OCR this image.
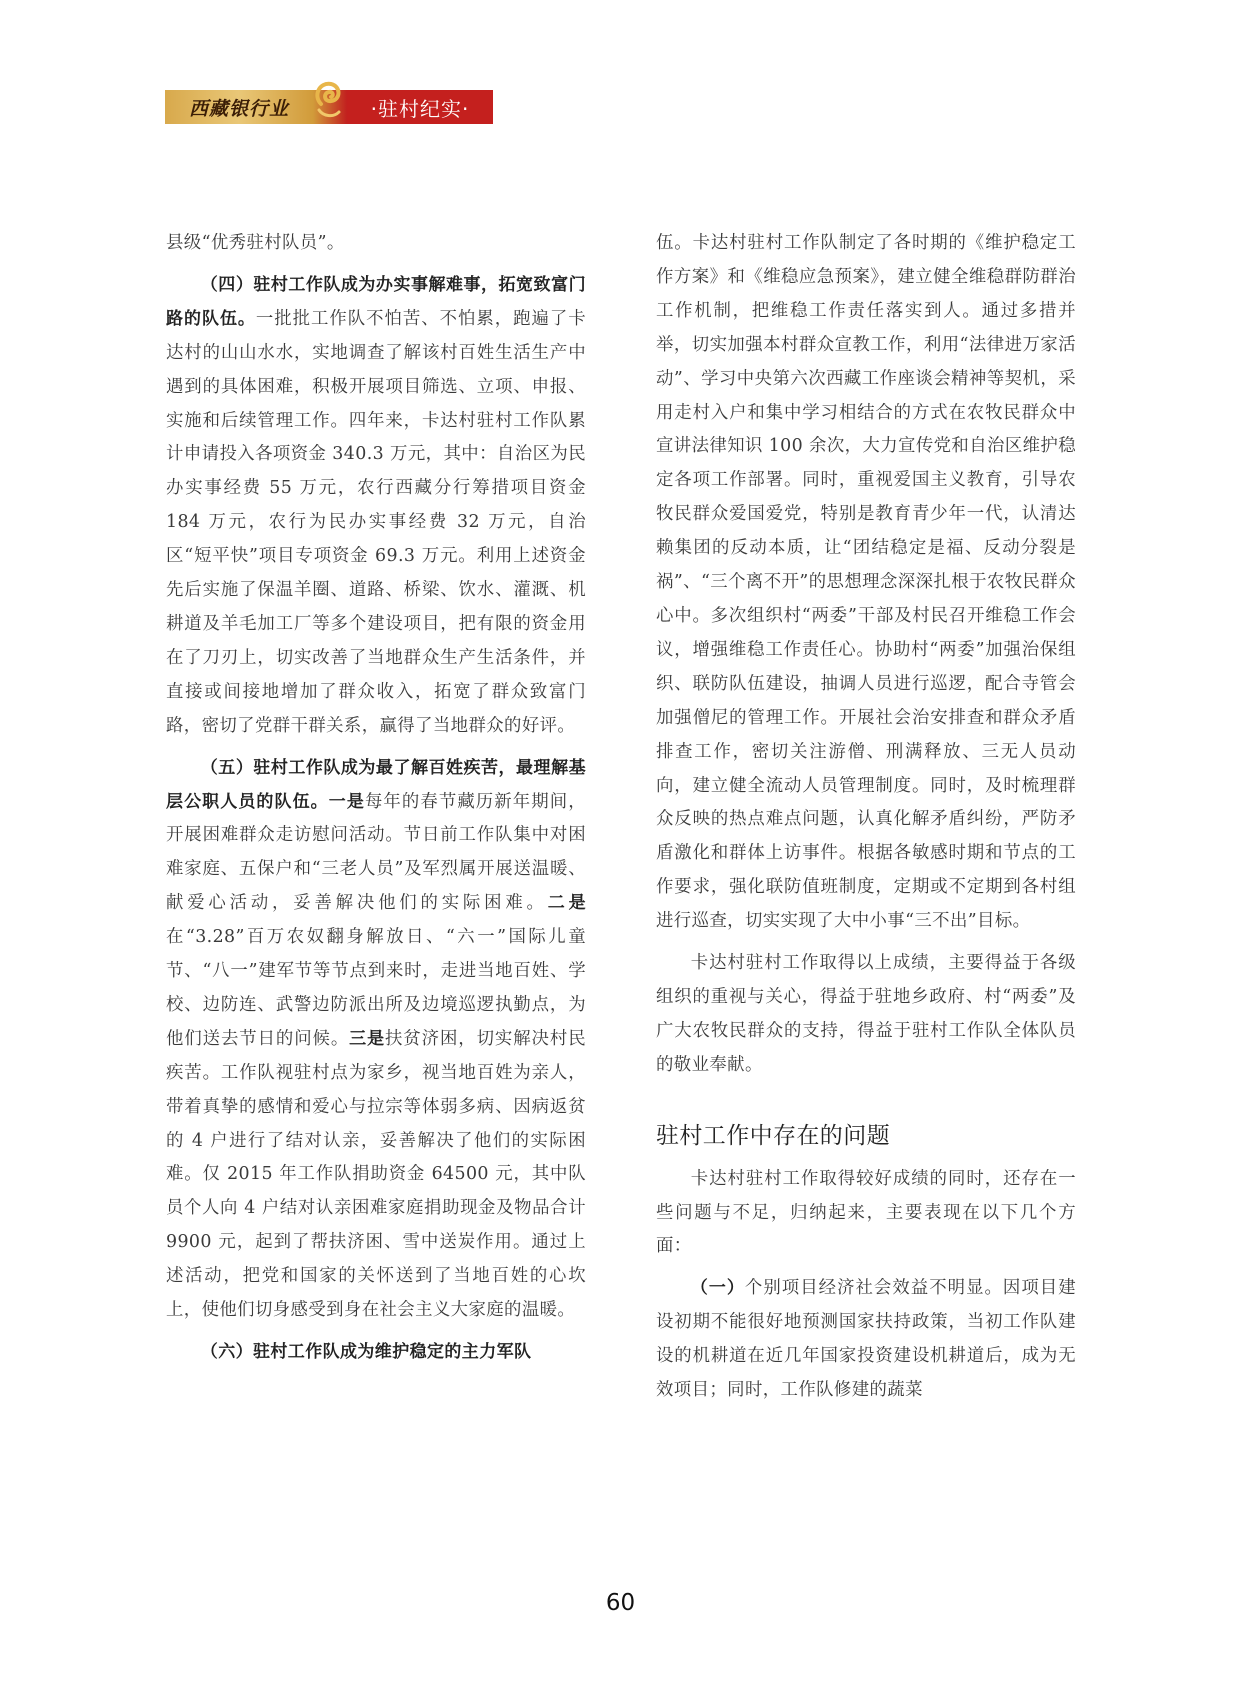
西藏银行业	·驻村纪实·

县级“优秀驻村队员”。

（四）驻村工作队成为办实事解难事，拓宽致富门路的队伍。一批批工作队不怕苦、不怕累，跑遍了卡达村的山山水水，实地调查了解该村百姓生活生产中遇到的具体困难，积极开展项目筛选、立项、申报、实施和后续管理工作。四年来，卡达村驻村工作队累计申请投入各项资金 340.3 万元，其中：自治区为民办实事经费 55 万元，农行西藏分行筹措项目资金 184 万元，农行为民办实事经费 32 万元，自治区“短平快”项目专项资金 69.3 万元。利用上述资金先后实施了保温羊圈、道路、桥梁、饮水、灌溉、机耕道及羊毛加工厂等多个建设项目，把有限的资金用在了刀刃上，切实改善了当地群众生产生活条件，并直接或间接地增加了群众收入，拓宽了群众致富门路，密切了党群干群关系，赢得了当地群众的好评。

（五）驻村工作队成为最了解百姓疾苦，最理解基层公职人员的队伍。一是每年的春节藏历新年期间，开展困难群众走访慰问活动。节日前工作队集中对困难家庭、五保户和“三老人员”及军烈属开展送温暖、献爱心活动，妥善解决他们的实际困难。二是在“3.28”百万农奴翻身解放日、“六一”国际儿童节、“八一”建军节等节点到来时，走进当地百姓、学校、边防连、武警边防派出所及边境巡逻执勤点，为他们送去节日的问候。三是扶贫济困，切实解决村民疾苦。工作队视驻村点为家乡，视当地百姓为亲人，带着真挚的感情和爱心与拉宗等体弱多病、因病返贫的 4 户进行了结对认亲，妥善解决了他们的实际困难。仅 2015 年工作队捐助资金 64500 元，其中队员个人向 4 户结对认亲困难家庭捐助现金及物品合计 9900 元，起到了帮扶济困、雪中送炭作用。通过上述活动，把党和国家的关怀送到了当地百姓的心坎上，使他们切身感受到身在社会主义大家庭的温暖。

（六）驻村工作队成为维护稳定的主力军队

伍。卡达村驻村工作队制定了各时期的《维护稳定工作方案》和《维稳应急预案》，建立健全维稳群防群治工作机制，把维稳工作责任落实到人。通过多措并举，切实加强本村群众宣教工作，利用“法律进万家活动”、学习中央第六次西藏工作座谈会精神等契机，采用走村入户和集中学习相结合的方式在农牧民群众中宣讲法律知识 100 余次，大力宣传党和自治区维护稳定各项工作部署。同时，重视爱国主义教育，引导农牧民群众爱国爱党，特别是教育青少年一代，认清达赖集团的反动本质，让“团结稳定是福、反动分裂是祸”、“三个离不开”的思想理念深深扎根于农牧民群众心中。多次组织村“两委”干部及村民召开维稳工作会议，增强维稳工作责任心。协助村“两委”加强治保组织、联防队伍建设，抽调人员进行巡逻，配合寺管会加强僧尼的管理工作。开展社会治安排查和群众矛盾排查工作，密切关注游僧、刑满释放、三无人员动向，建立健全流动人员管理制度。同时，及时梳理群众反映的热点难点问题，认真化解矛盾纠纷，严防矛盾激化和群体上访事件。根据各敏感时期和节点的工作要求，强化联防值班制度，定期或不定期到各村组进行巡查，切实实现了大中小事“三不出”目标。

卡达村驻村工作取得以上成绩，主要得益于各级组织的重视与关心，得益于驻地乡政府、村“两委”及广大农牧民群众的支持，得益于驻村工作队全体队员的敬业奉献。

驻村工作中存在的问题

卡达村驻村工作取得较好成绩的同时，还存在一些问题与不足，归纳起来，主要表现在以下几个方面：

（一）个别项目经济社会效益不明显。因项目建设初期不能很好地预测国家扶持政策，当初工作队建设的机耕道在近几年国家投资建设机耕道后，成为无效项目；同时，工作队修建的蔬菜

60
